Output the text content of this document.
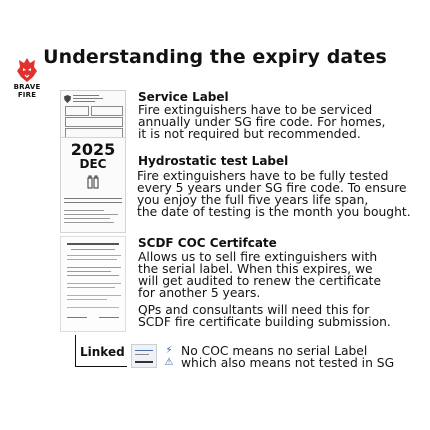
BRAVE
FIRE
Understanding the expiry dates
2025
DEC
Service Label
Fire extinguishers have to be serviced
annually under SG fire code. For homes,
it is not required but recommended.
Hydrostatic test Label
Fire extinguishers have to be fully tested
every 5 years under SG fire code. To ensure
you enjoy the full five years life span,
the date of testing is the month you bought.
SCDF COC Certifcate
Allows us to sell fire extinguishers with
the serial label. When this expires, we
will get audited to renew the certificate
for another 5 years.
QPs and consultants will need this for
SCDF fire certificate building submission.
Linked	⚡
⚠
No COC means no serial Label
which also means not tested in SG
